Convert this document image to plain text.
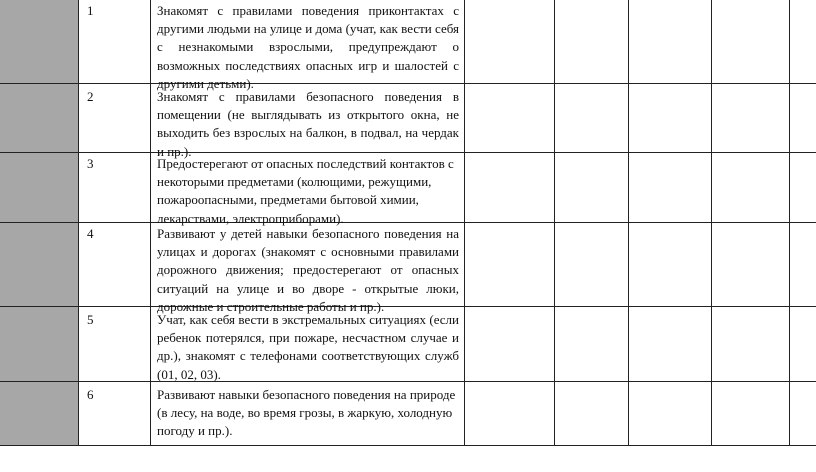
1	Знакомят с правилами поведения приконтактах с другими людьми на улице и дома (учат, как вести себя с незнакомыми взрослыми, предупреждают о возможных последствиях опасных игр и шалостей с другими детьми).
2	Знакомят с правилами безопасного поведения в помещении (не выглядывать из открытого окна, не выходить без взрослых на балкон, в подвал, на чердак и пр.).
3	Предостерегают от опасных последствий контактов с некоторыми предметами (колющими, режущими, пожароопасными, предметами бытовой химии, лекарствами, электроприборами).
4	Развивают у детей навыки безопасного поведения на улицах и дорогах (знакомят с основными правилами дорожного движения; предостерегают от опасных ситуаций на улице и во дворе - открытые люки, дорожные и строительные работы и пр.).
5	Учат, как себя вести в экстремальных ситуациях (если ребенок потерялся, при пожаре, несчастном случае и др.), знакомят с телефонами соответствующих служб (01, 02, 03).
6	Развивают навыки безопасного поведения на природе (в лесу, на воде, во время грозы, в жаркую, холодную погоду и пр.).
